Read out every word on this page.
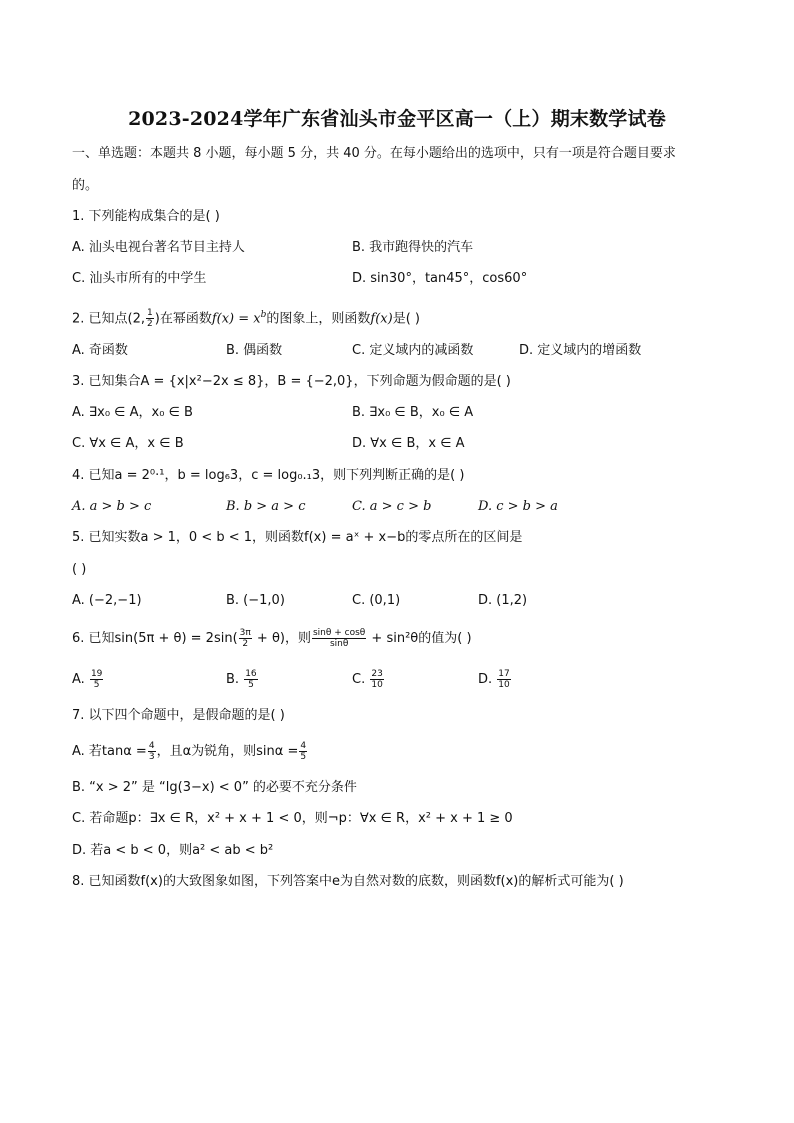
2023-2024学年广东省汕头市金平区高一（上）期末数学试卷
一、单选题：本题共 8 小题，每小题 5 分，共 40 分。在每小题给出的选项中，只有一项是符合题目要求
的。
1. 下列能构成集合的是( )
A. 汕头电视台著名节目主持人	B. 我市跑得快的汽车
C. 汕头市所有的中学生	D. sin30°，tan45°，cos60°
2. 已知点(2, $\frac{1}{2}$ )在幂函数$f(x) = x^b$的图象上，则函数f(x)是( )
A. 奇函数	B. 偶函数	C. 定义域内的减函数	D. 定义域内的增函数
3. 已知集合A = {x|x²−2x ≤ 8}，B = {−2,0}，下列命题为假命题的是( )
A. ∃x₀ ∈ A，x₀ ∈ B	B. ∃x₀ ∈ B，x₀ ∈ A
C. ∀x ∈ A，x ∈ B	D. ∀x ∈ B，x ∈ A
4. 已知a = 2⁰·¹，b = log₆3，c = log₀.₁3，则下列判断正确的是( )
A. a > b > c	B. b > a > c	C. a > c > b	D. c > b > a
5. 已知实数a > 1，0 < b < 1，则函数f(x) = aˣ + x−b的零点所在的区间是
( )
A. (−2,−1)	B. (−1,0)	C. (0,1)	D. (1,2)
6. 已知$\sin(5\pi + \theta) = 2\sin( \frac{3\pi}{2} + \theta)$，则 $\frac{\sin\theta + \cos\theta}{\sin\theta} + \sin^2\theta$的值为( )
A. $\frac{19}{5}$	B. $\frac{16}{5}$	C. $\frac{23}{10}$	D. $\frac{17}{10}$
7. 以下四个命题中，是假命题的是( )
A. 若$\tan\alpha = \frac{4}{3}$ ，且α为锐角，则$\sin\alpha = \frac{4}{5}$
B. “x > 2” 是 “lg(3−x) < 0” 的必要不充分条件
C. 若命题p：∃x ∈ R，x² + x + 1 < 0，则¬p：∀x ∈ R，x² + x + 1 ≥ 0
D. 若a < b < 0，则a² < ab < b²
8. 已知函数f(x)的大致图象如图，下列答案中e为自然对数的底数，则函数f(x)的解析式可能为( )
